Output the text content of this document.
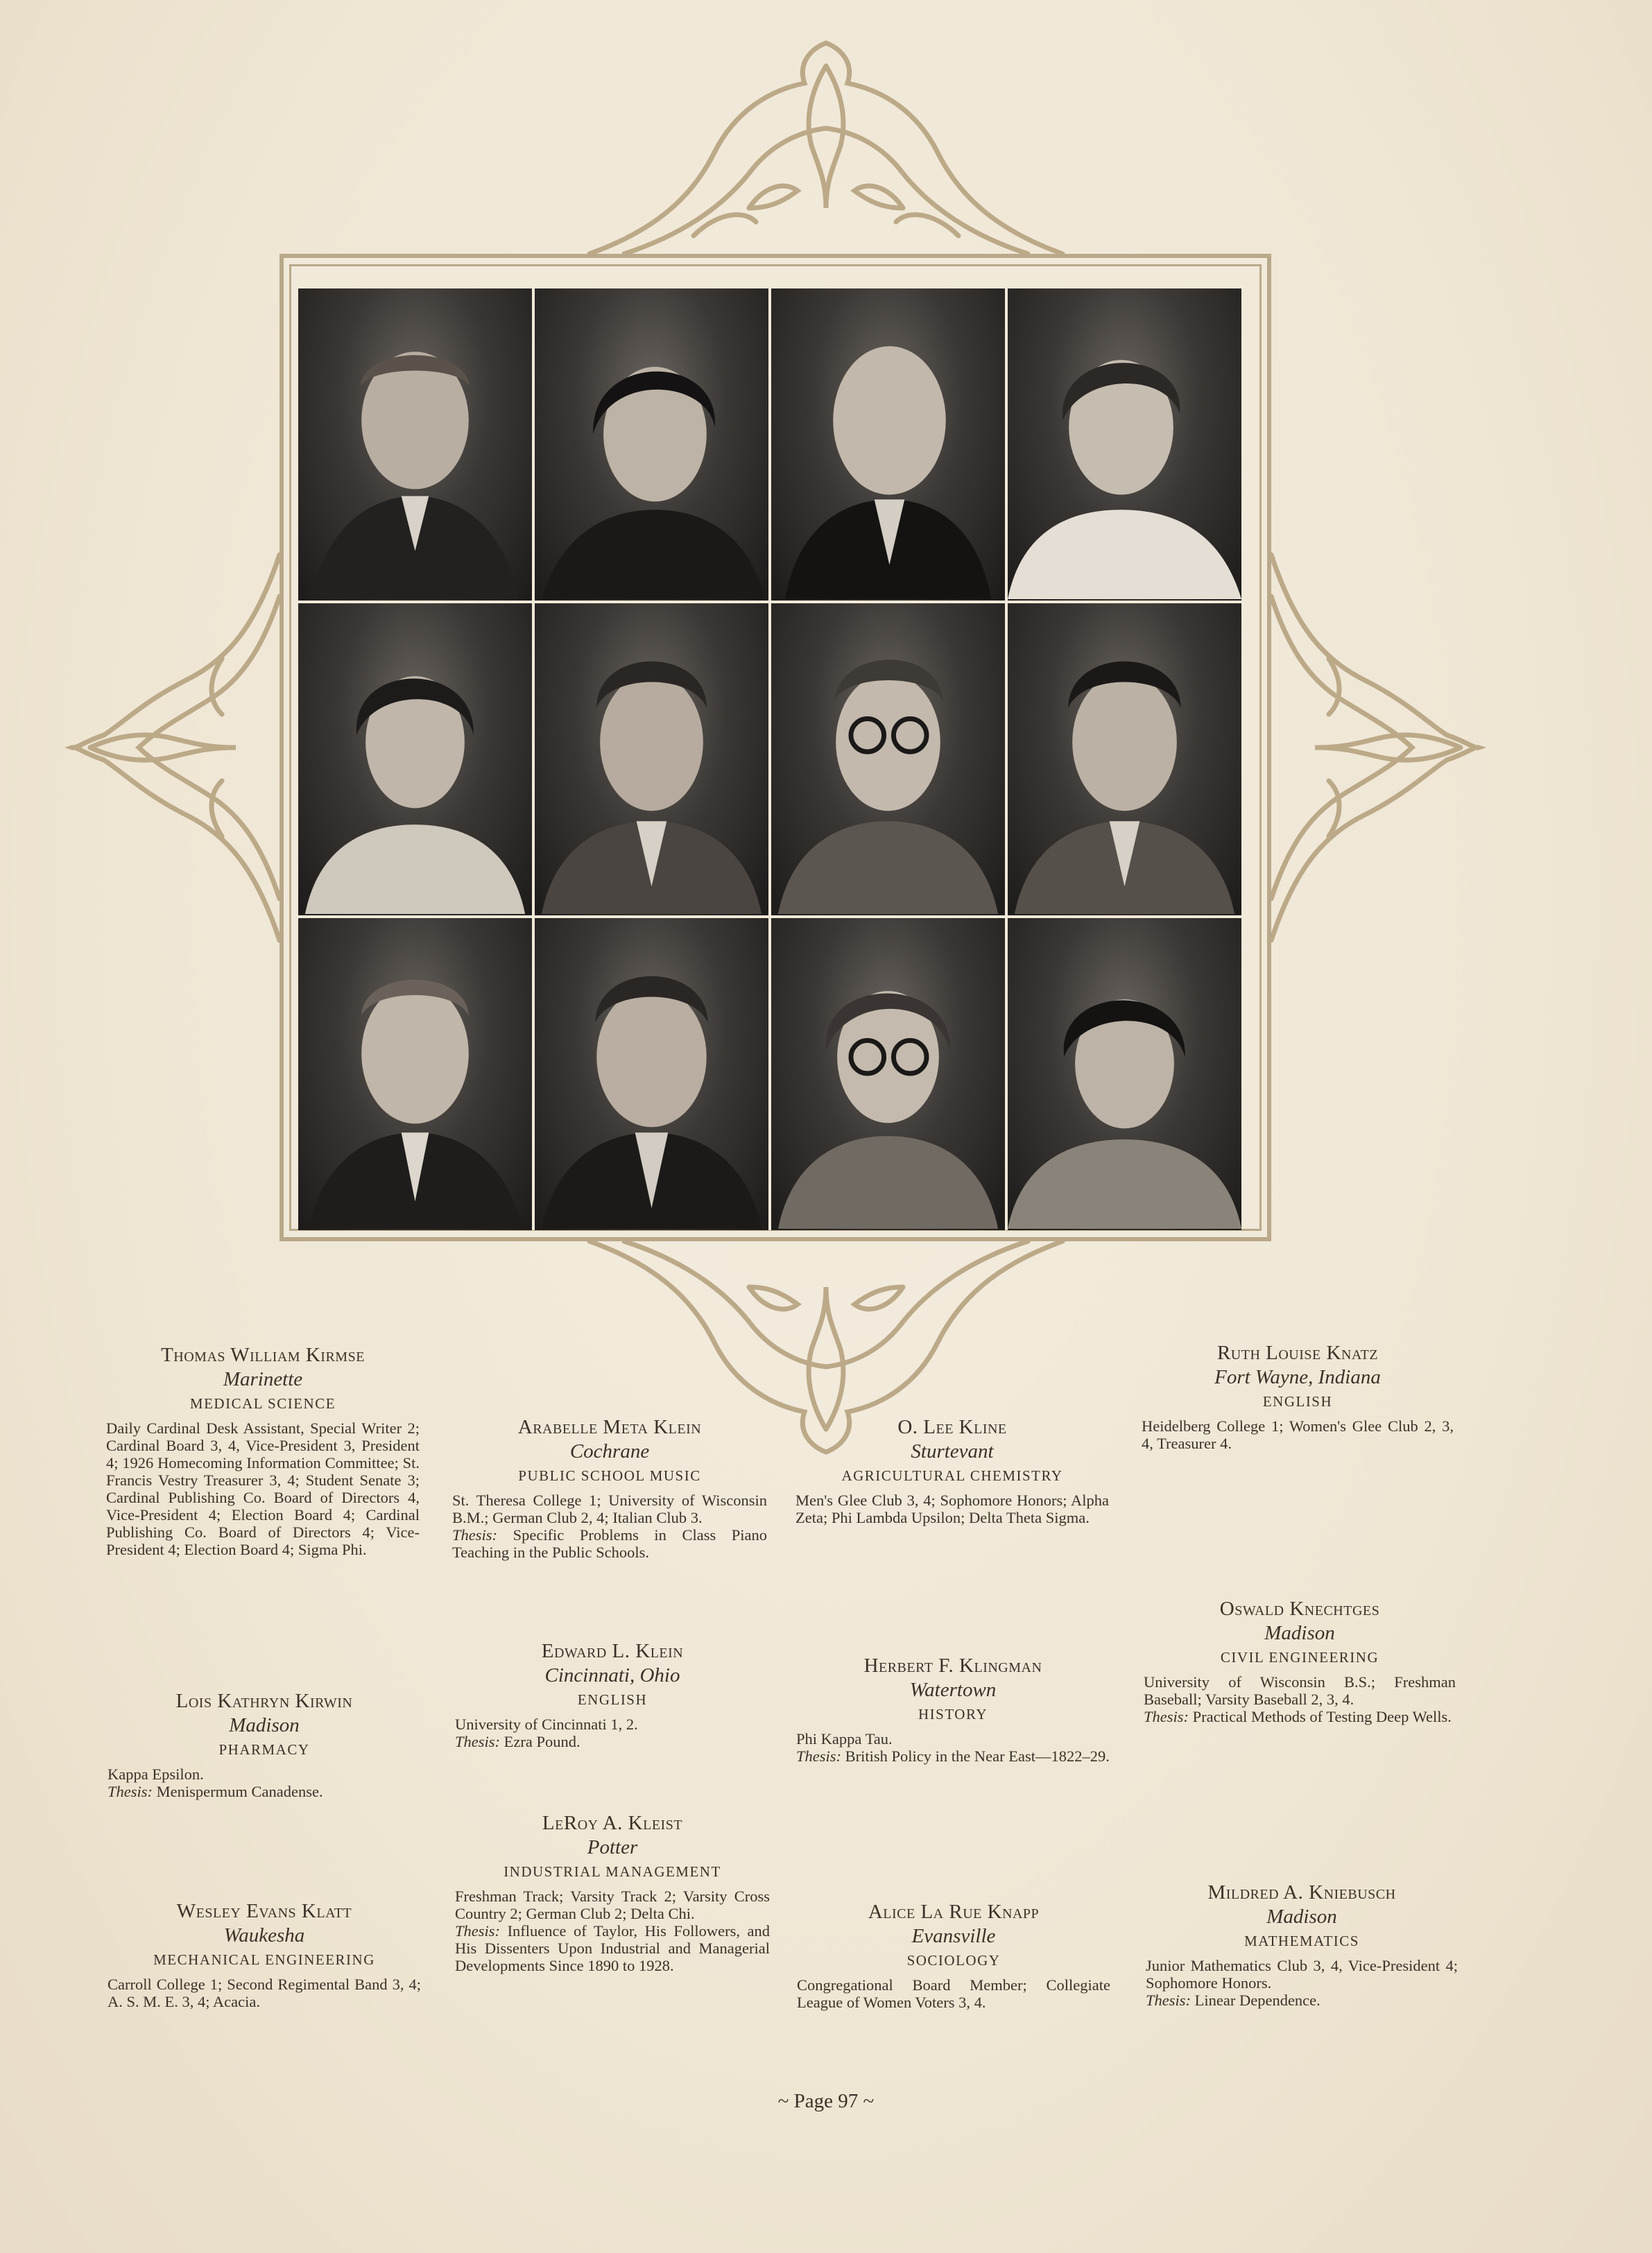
Thomas William Kirmse
Marinette
MEDICAL SCIENCE
Daily Cardinal Desk Assistant, Special Writer 2; Cardinal Board 3, 4, Vice-President 3, President 4; 1926 Homecoming Information Committee; St. Francis Vestry Treasurer 3, 4; Student Senate 3; Cardinal Publishing Co. Board of Directors 4, Vice-President 4; Election Board 4; Cardinal Publishing Co. Board of Directors 4; Vice-President 4; Election Board 4; Sigma Phi.
Lois Kathryn Kirwin
Madison
PHARMACY
Kappa Epsilon.
Thesis: Menispermum Canadense.
Wesley Evans Klatt
Waukesha
MECHANICAL ENGINEERING
Carroll College 1; Second Regimental Band 3, 4; A. S. M. E. 3, 4; Acacia.
Arabelle Meta Klein
Cochrane
PUBLIC SCHOOL MUSIC
St. Theresa College 1; University of Wisconsin B.M.; German Club 2, 4; Italian Club 3.
Thesis: Specific Problems in Class Piano Teaching in the Public Schools.
Edward L. Klein
Cincinnati, Ohio
ENGLISH
University of Cincinnati 1, 2.
Thesis: Ezra Pound.
LeRoy A. Kleist
Potter
INDUSTRIAL MANAGEMENT
Freshman Track; Varsity Track 2; Varsity Cross Country 2; German Club 2; Delta Chi.
Thesis: Influence of Taylor, His Followers, and His Dissenters Upon Industrial and Managerial Developments Since 1890 to 1928.
O. Lee Kline
Sturtevant
AGRICULTURAL CHEMISTRY
Men's Glee Club 3, 4; Sophomore Honors; Alpha Zeta; Phi Lambda Upsilon; Delta Theta Sigma.
Herbert F. Klingman
Watertown
HISTORY
Phi Kappa Tau.
Thesis: British Policy in the Near East—1822–29.
Alice La Rue Knapp
Evansville
SOCIOLOGY
Congregational Board Member; Collegiate League of Women Voters 3, 4.
Ruth Louise Knatz
Fort Wayne, Indiana
ENGLISH
Heidelberg College 1; Women's Glee Club 2, 3, 4, Treasurer 4.
Oswald Knechtges
Madison
CIVIL ENGINEERING
University of Wisconsin B.S.; Freshman Baseball; Varsity Baseball 2, 3, 4.
Thesis: Practical Methods of Testing Deep Wells.
Mildred A. Kniebusch
Madison
MATHEMATICS
Junior Mathematics Club 3, 4, Vice-President 4; Sophomore Honors.
Thesis: Linear Dependence.
~ Page 97 ~
